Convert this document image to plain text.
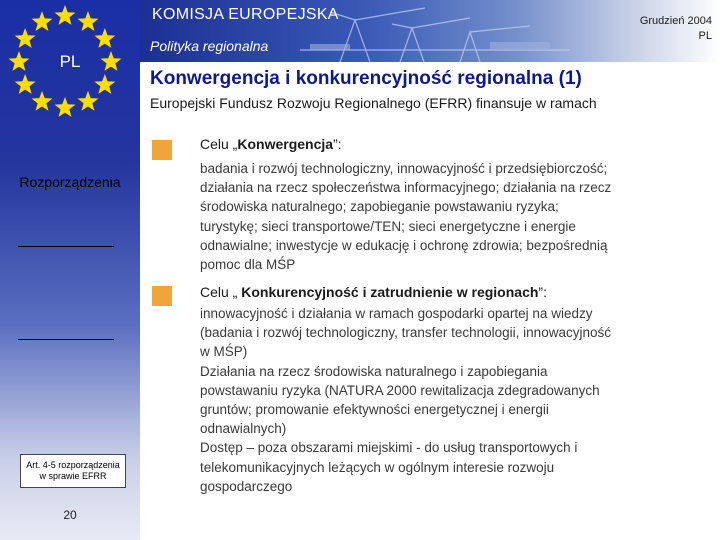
PL
Rozporządzenia
Art. 4-5 rozporządzenia
w sprawie EFRR
20
KOMISJA EUROPEJSKA
Polityka regionalna
Grudzień 2004
PL
Konwergencja i konkurencyjność regionalna (1)
Europejski Fundusz Rozwoju Regionalnego (EFRR) finansuje w ramach
Celu „Konwergencja”:
badania i rozwój technologiczny, innowacyjność i przedsiębiorczość;
działania na rzecz społeczeństwa informacyjnego; działania na rzecz
środowiska naturalnego; zapobieganie powstawaniu ryzyka;
turystykę; sieci transportowe/TEN; sieci energetyczne i energie
odnawialne; inwestycje w edukację i ochronę zdrowia; bezpośrednią
pomoc dla MŚP
Celu „ Konkurencyjność i zatrudnienie w regionach”:
innowacyjność i działania w ramach gospodarki opartej na wiedzy
(badania i rozwój technologiczny, transfer technologii, innowacyjność
w MŚP)
Działania na rzecz środowiska naturalnego i zapobiegania
powstawaniu ryzyka (NATURA 2000 rewitalizacja zdegradowanych
gruntów; promowanie efektywności energetycznej i energii
odnawialnych)
Dostęp – poza obszarami miejskimi - do usług transportowych i
telekomunikacyjnych leżących w ogólnym interesie rozwoju
gospodarczego
